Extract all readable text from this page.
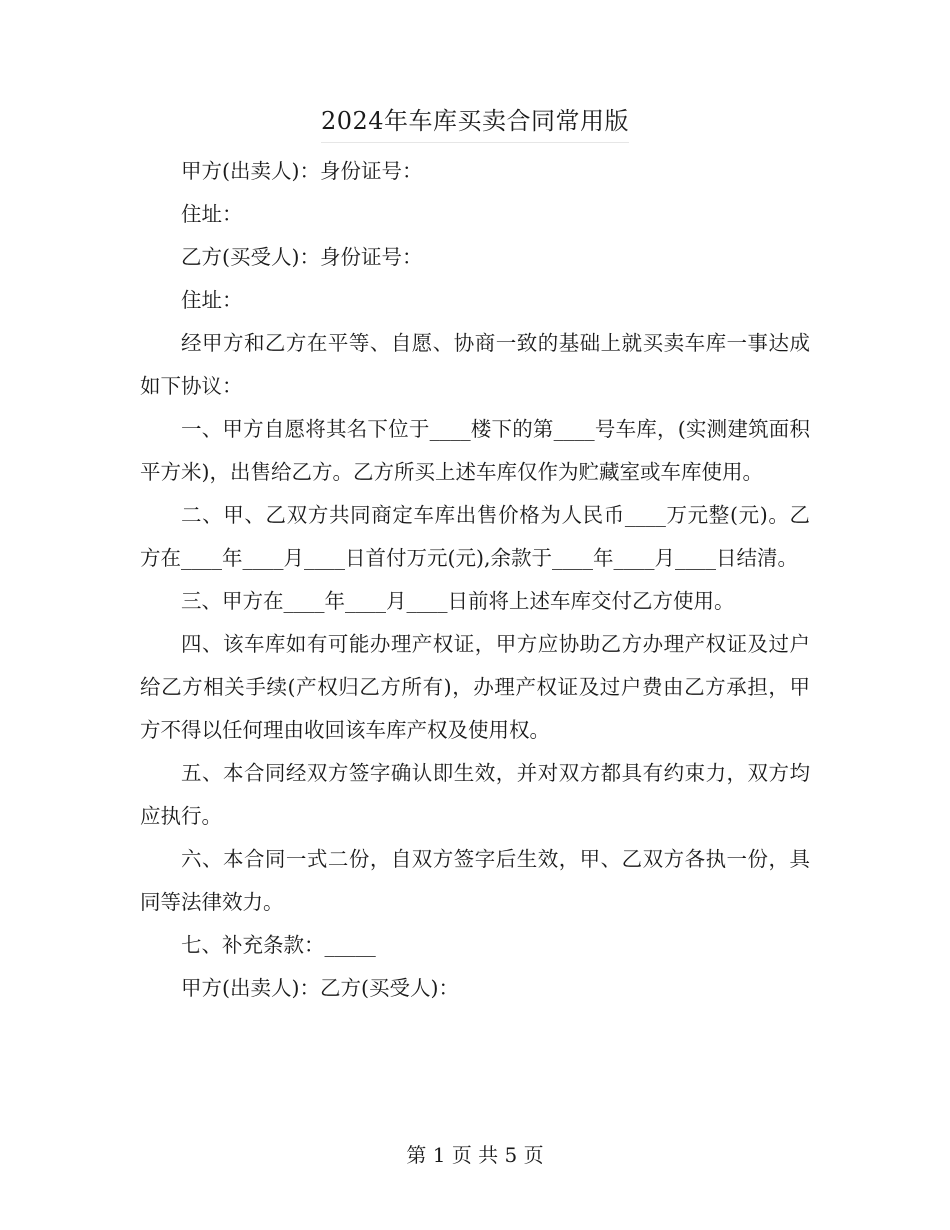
2024年车库买卖合同常用版

甲方(出卖人)：身份证号：

住址：

乙方(买受人)：身份证号：

住址：

经甲方和乙方在平等、自愿、协商一致的基础上就买卖车库一事达成如下协议：

一、甲方自愿将其名下位于____楼下的第____号车库，(实测建筑面积平方米)，出售给乙方。乙方所买上述车库仅作为贮藏室或车库使用。

二、甲、乙双方共同商定车库出售价格为人民币____万元整(元)。乙方在____年____月____日首付万元(元),余款于____年____月____日结清。

三、甲方在____年____月____日前将上述车库交付乙方使用。

四、该车库如有可能办理产权证，甲方应协助乙方办理产权证及过户给乙方相关手续(产权归乙方所有)，办理产权证及过户费由乙方承担，甲方不得以任何理由收回该车库产权及使用权。

五、本合同经双方签字确认即生效，并对双方都具有约束力，双方均应执行。

六、本合同一式二份，自双方签字后生效，甲、乙双方各执一份，具同等法律效力。

七、补充条款：_____

甲方(出卖人)：乙方(买受人)：

第 1 页 共 5 页
